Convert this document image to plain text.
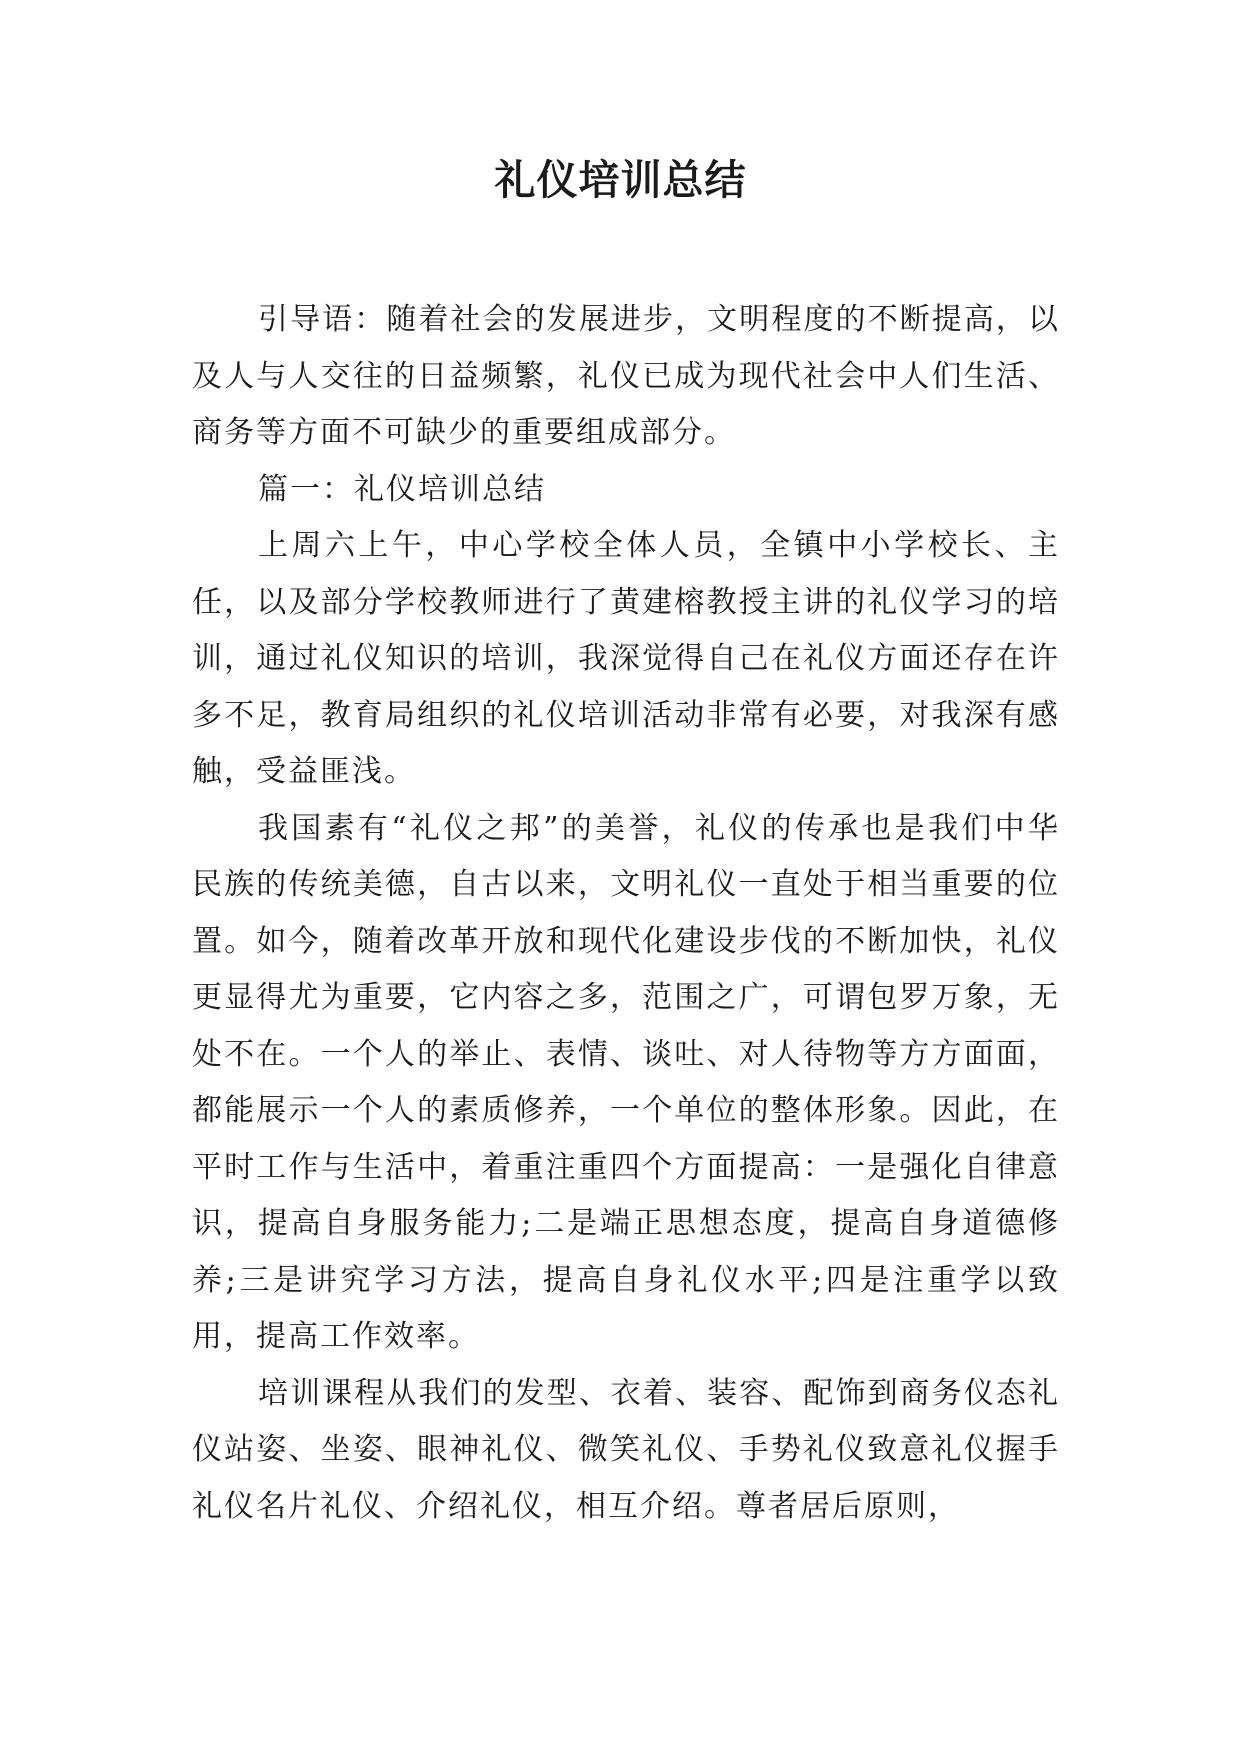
礼仪培训总结

引导语：随着社会的发展进步，文明程度的不断提高，以及人与人交往的日益频繁，礼仪已成为现代社会中人们生活、商务等方面不可缺少的重要组成部分。

篇一：礼仪培训总结

上周六上午，中心学校全体人员，全镇中小学校长、主任，以及部分学校教师进行了黄建榕教授主讲的礼仪学习的培训，通过礼仪知识的培训，我深觉得自己在礼仪方面还存在许多不足，教育局组织的礼仪培训活动非常有必要，对我深有感触，受益匪浅。

我国素有“礼仪之邦”的美誉，礼仪的传承也是我们中华民族的传统美德，自古以来，文明礼仪一直处于相当重要的位置。如今，随着改革开放和现代化建设步伐的不断加快，礼仪更显得尤为重要，它内容之多，范围之广，可谓包罗万象，无处不在。一个人的举止、表情、谈吐、对人待物等方方面面，都能展示一个人的素质修养，一个单位的整体形象。因此，在平时工作与生活中，着重注重四个方面提高：一是强化自律意识，提高自身服务能力;二是端正思想态度，提高自身道德修养;三是讲究学习方法，提高自身礼仪水平;四是注重学以致用，提高工作效率。

培训课程从我们的发型、衣着、装容、配饰到商务仪态礼仪站姿、坐姿、眼神礼仪、微笑礼仪、手势礼仪致意礼仪握手礼仪名片礼仪、介绍礼仪，相互介绍。尊者居后原则，
